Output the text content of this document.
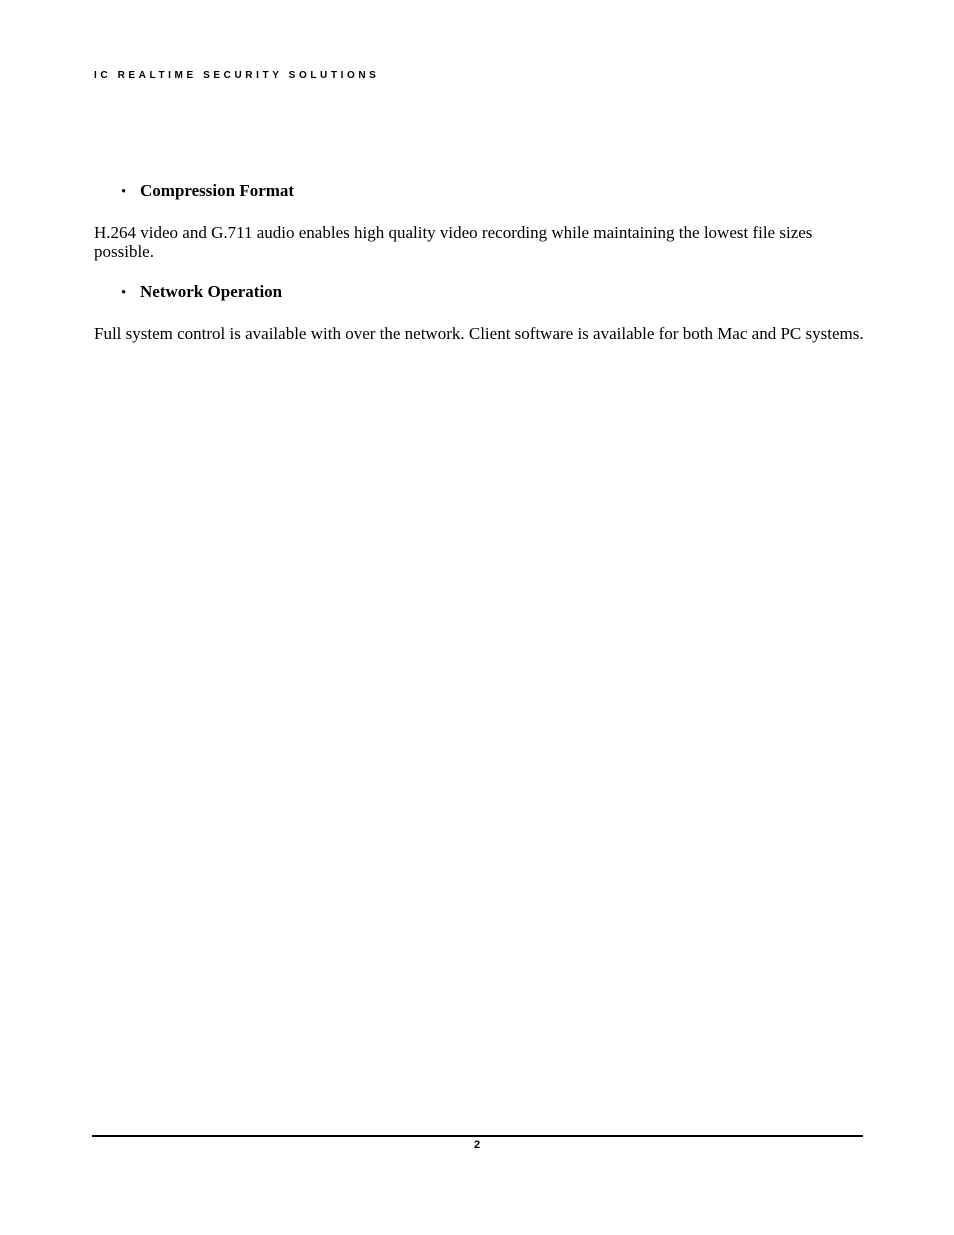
IC REALTIME SECURITY SOLUTIONS
• Compression Format

H.264 video and G.711 audio enables high quality video recording while maintaining the lowest file sizes possible.

• Network Operation

Full system control is available with over the network. Client software is available for both Mac and PC systems.

2
